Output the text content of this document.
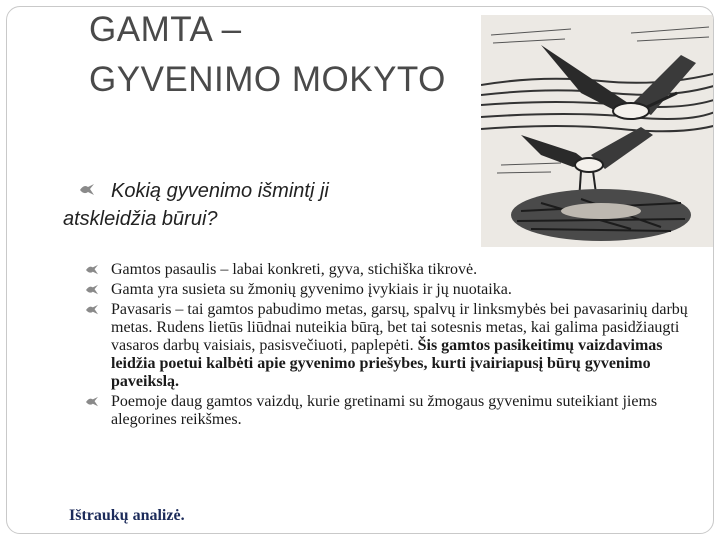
GAMTA –
GYVENIMO MOKYTO
Kokią gyvenimo išmintį ji
atskleidžia būrui?
Gamtos pasaulis – labai konkreti, gyva, stichiška tikrovė.
Gamta yra susieta su žmonių gyvenimo įvykiais ir jų nuotaika.
Pavasaris – tai gamtos pabudimo metas, garsų, spalvų ir linksmybės bei pavasarinių darbų metas. Rudens lietūs liūdnai nuteikia būrą, bet tai sotesnis metas, kai galima pasidžiaugti vasaros darbų vaisiais, pasisvečiuoti, paplepėti. Šis gamtos pasikeitimų vaizdavimas leidžia poetui kalbėti apie gyvenimo priešybes, kurti įvairiapusį būrų gyvenimo paveikslą.
Poemoje daug gamtos vaizdų, kurie gretinami su žmogaus gyvenimu suteikiant jiems alegorines reikšmes.
Ištraukų analizė.
